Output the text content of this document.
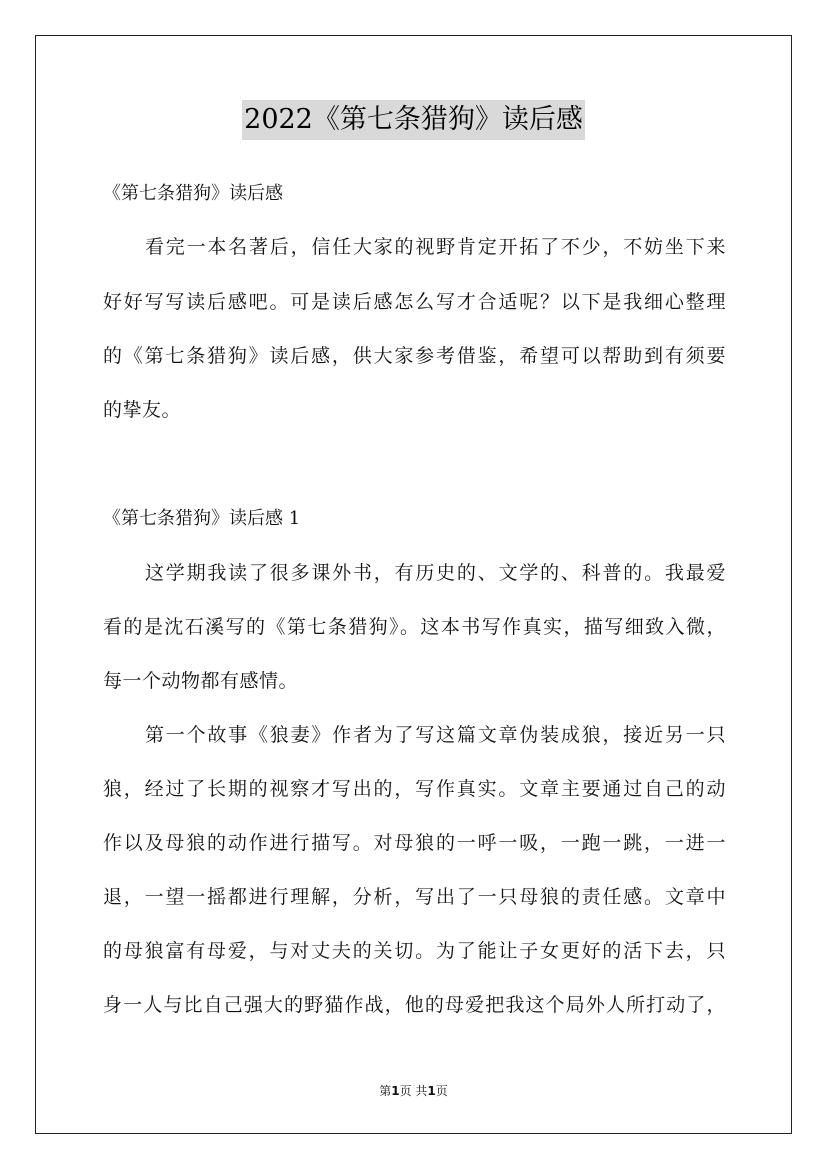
2022《第七条猎狗》读后感
《第七条猎狗》读后感
看完一本名著后，信任大家的视野肯定开拓了不少，不妨坐下来
好好写写读后感吧。可是读后感怎么写才合适呢？以下是我细心整理
的《第七条猎狗》读后感，供大家参考借鉴，希望可以帮助到有须要
的挚友。
《第七条猎狗》读后感 1
这学期我读了很多课外书，有历史的、文学的、科普的。我最爱
看的是沈石溪写的《第七条猎狗》。这本书写作真实，描写细致入微，
每一个动物都有感情。
第一个故事《狼妻》作者为了写这篇文章伪装成狼，接近另一只
狼，经过了长期的视察才写出的，写作真实。文章主要通过自己的动
作以及母狼的动作进行描写。对母狼的一呼一吸，一跑一跳，一进一
退，一望一摇都进行理解，分析，写出了一只母狼的责任感。文章中
的母狼富有母爱，与对丈夫的关切。为了能让子女更好的活下去，只
身一人与比自己强大的野猫作战，他的母爱把我这个局外人所打动了，
第1页 共1页
